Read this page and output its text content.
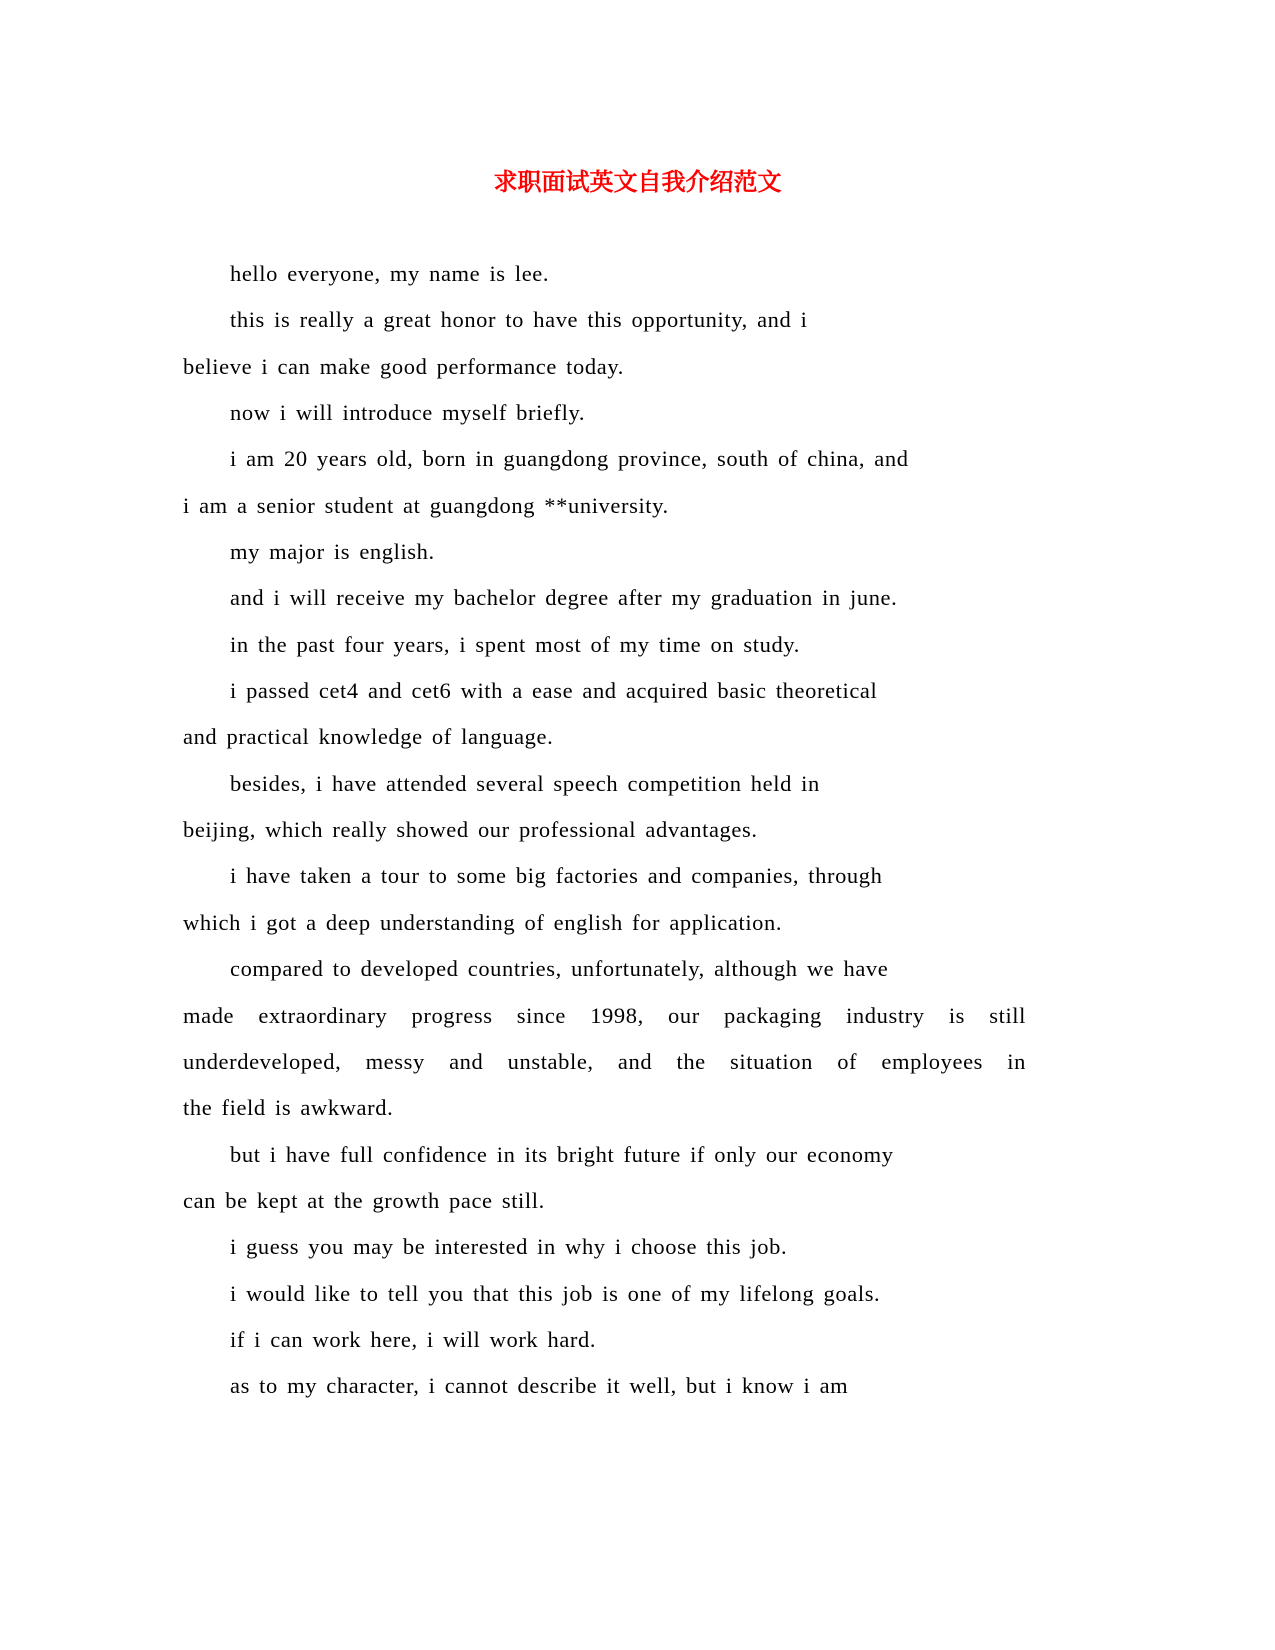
求职面试英文自我介绍范文
hello everyone, my name is lee.
this is really a great honor to have this opportunity, and i
believe i can make good performance today.
now i will introduce myself briefly.
i am 20 years old, born in guangdong province, south of china, and
i am a senior student at guangdong **university.
my major is english.
and i will receive my bachelor degree after my graduation in june.
in the past four years, i spent most of my time on study.
i passed cet4 and cet6 with a ease and acquired basic theoretical
and practical knowledge of language.
besides, i have attended several speech competition held in
beijing, which really showed our professional advantages.
i have taken a tour to some big factories and companies, through
which i got a deep understanding of english for application.
compared to developed countries, unfortunately, although we have
made extraordinary progress since 1998, our packaging industry is still
underdeveloped, messy and unstable, and the situation of employees in
the field is awkward.
but i have full confidence in its bright future if only our economy
can be kept at the growth pace still.
i guess you may be interested in why i choose this job.
i would like to tell you that this job is one of my lifelong goals.
if i can work here, i will work hard.
as to my character, i cannot describe it well, but i know i am
